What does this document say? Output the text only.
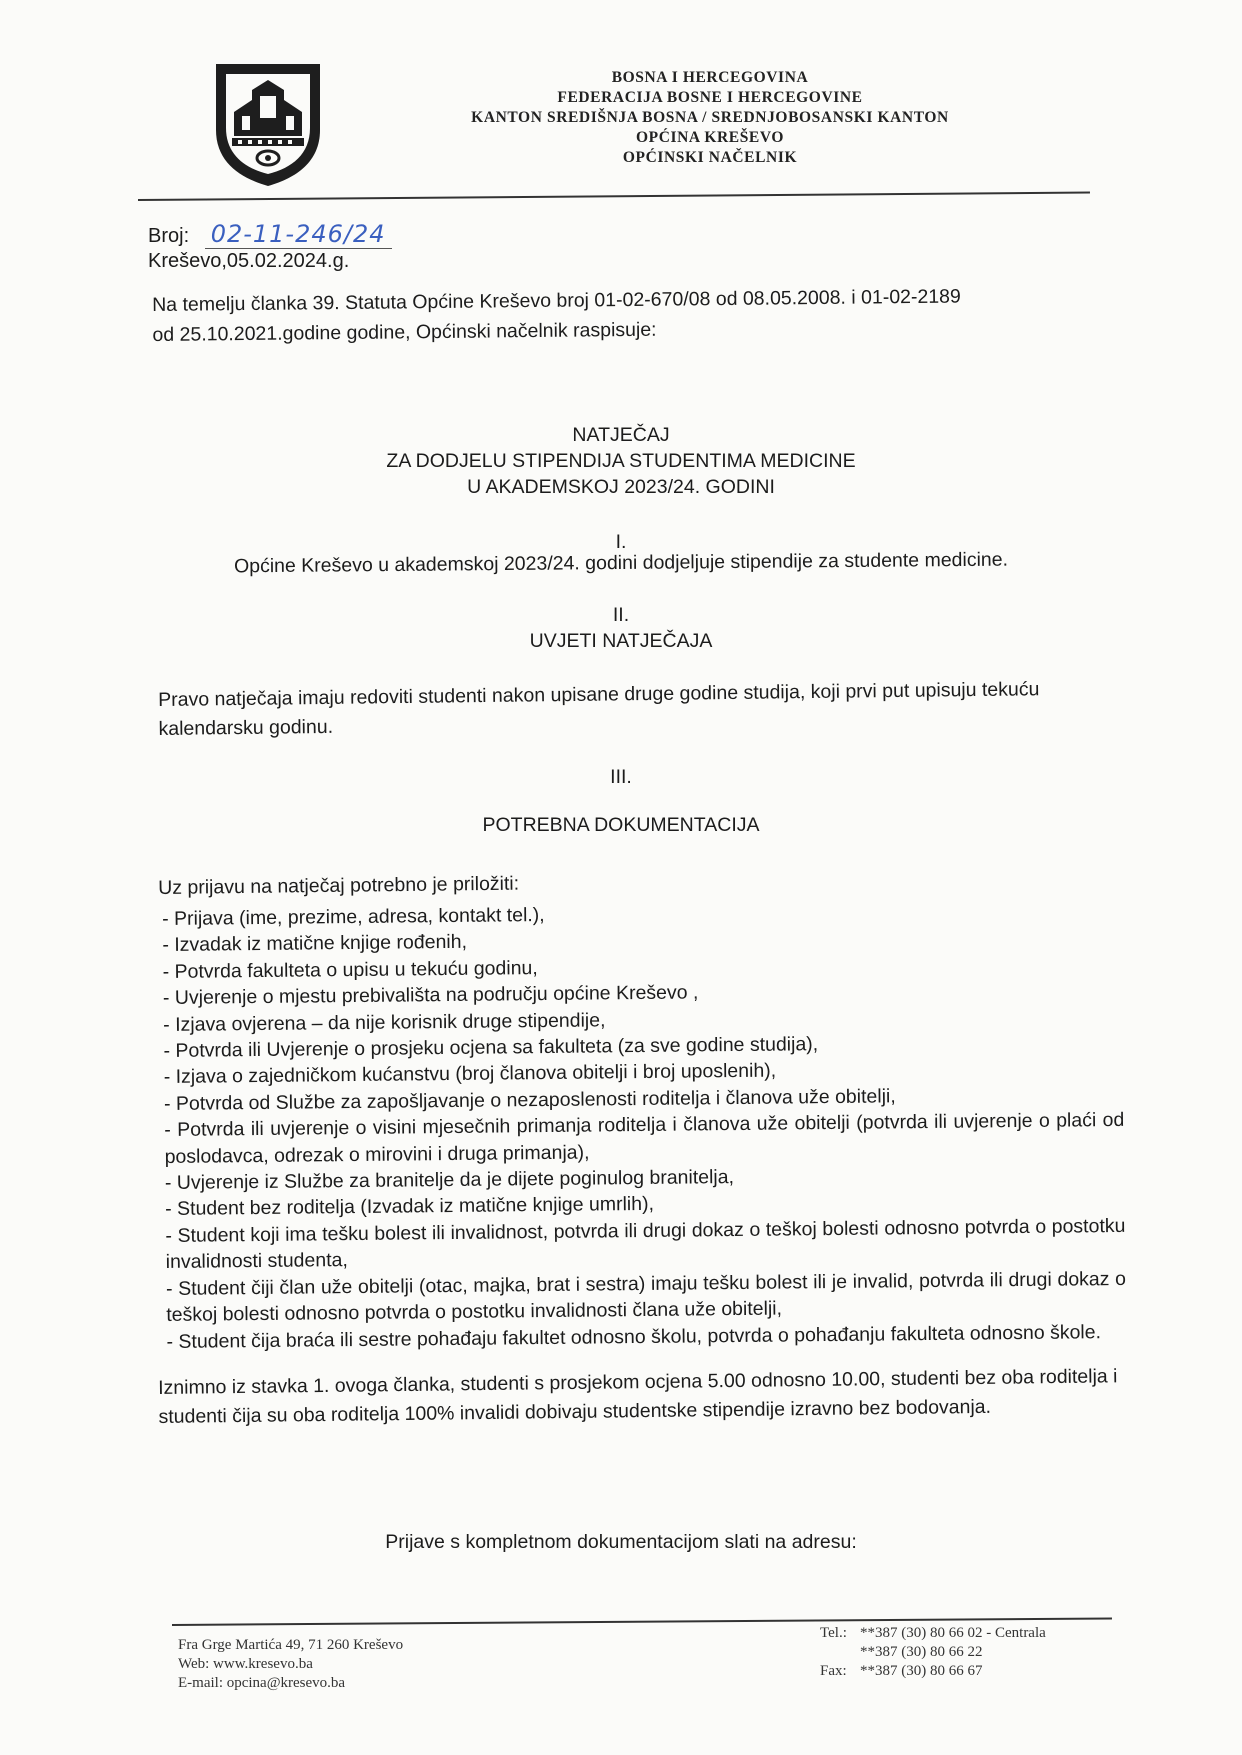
BOSNA I HERCEGOVINA
FEDERACIJA BOSNE I HERCEGOVINE
KANTON SREDIŠNJA BOSNA / SREDNJOBOSANSKI KANTON
OPĆINA KREŠEVO
OPĆINSKI NAČELNIK
Broj: 02-11-246/24
Kreševo,05.02.2024.g.
Na temelju članka 39. Statuta Općine Kreševo broj 01-02-670/08 od 08.05.2008. i 01-02-2189 od 25.10.2021.godine godine, Općinski načelnik raspisuje:
NATJEČAJ
ZA DODJELU STIPENDIJA STUDENTIMA MEDICINE
U AKADEMSKOJ 2023/24. GODINI
I.
Općine Kreševo u akademskoj 2023/24. godini dodjeljuje stipendije za studente medicine.
II.
UVJETI NATJEČAJA
Pravo natječaja imaju redoviti studenti nakon upisane druge godine studija, koji prvi put upisuju tekuću kalendarsku godinu.
III.
POTREBNA DOKUMENTACIJA
Uz prijavu na natječaj potrebno je priložiti:
- Prijava (ime, prezime, adresa, kontakt tel.),
- Izvadak iz matične knjige rođenih,
- Potvrda fakulteta o upisu u tekuću godinu,
- Uvjerenje o mjestu prebivališta na području općine Kreševo ,
- Izjava ovjerena – da nije korisnik druge stipendije,
- Potvrda ili Uvjerenje o prosjeku ocjena sa fakulteta (za sve godine studija),
- Izjava o zajedničkom kućanstvu (broj članova obitelji i broj uposlenih),
- Potvrda od Službe za zapošljavanje o nezaposlenosti roditelja i članova uže obitelji,
- Potvrda ili uvjerenje o visini mjesečnih primanja roditelja i članova uže obitelji (potvrda ili uvjerenje o plaći od poslodavca, odrezak o mirovini i druga primanja),
- Uvjerenje iz Službe za branitelje da je dijete poginulog branitelja,
- Student bez roditelja (Izvadak iz matične knjige umrlih),
- Student koji ima tešku bolest ili invalidnost, potvrda ili drugi dokaz o teškoj bolesti odnosno potvrda o postotku invalidnosti studenta,
- Student čiji član uže obitelji (otac, majka, brat i sestra) imaju tešku bolest ili je invalid, potvrda ili drugi dokaz o teškoj bolesti odnosno potvrda o postotku invalidnosti člana uže obitelji,
- Student čija braća ili sestre pohađaju fakultet odnosno školu, potvrda o pohađanju fakulteta odnosno škole.
Iznimno iz stavka 1. ovoga članka, studenti s prosjekom ocjena 5.00 odnosno 10.00, studenti bez oba roditelja i studenti čija su oba roditelja 100% invalidi dobivaju studentske stipendije izravno bez bodovanja.
Prijave s kompletnom dokumentacijom slati na adresu:
Fra Grge Martića 49, 71 260 Kreševo
Web: www.kresevo.ba
E-mail: opcina@kresevo.ba
Tel.: **387 (30) 80 66 02 - Centrala
**387 (30) 80 66 22
Fax: **387 (30) 80 66 67
